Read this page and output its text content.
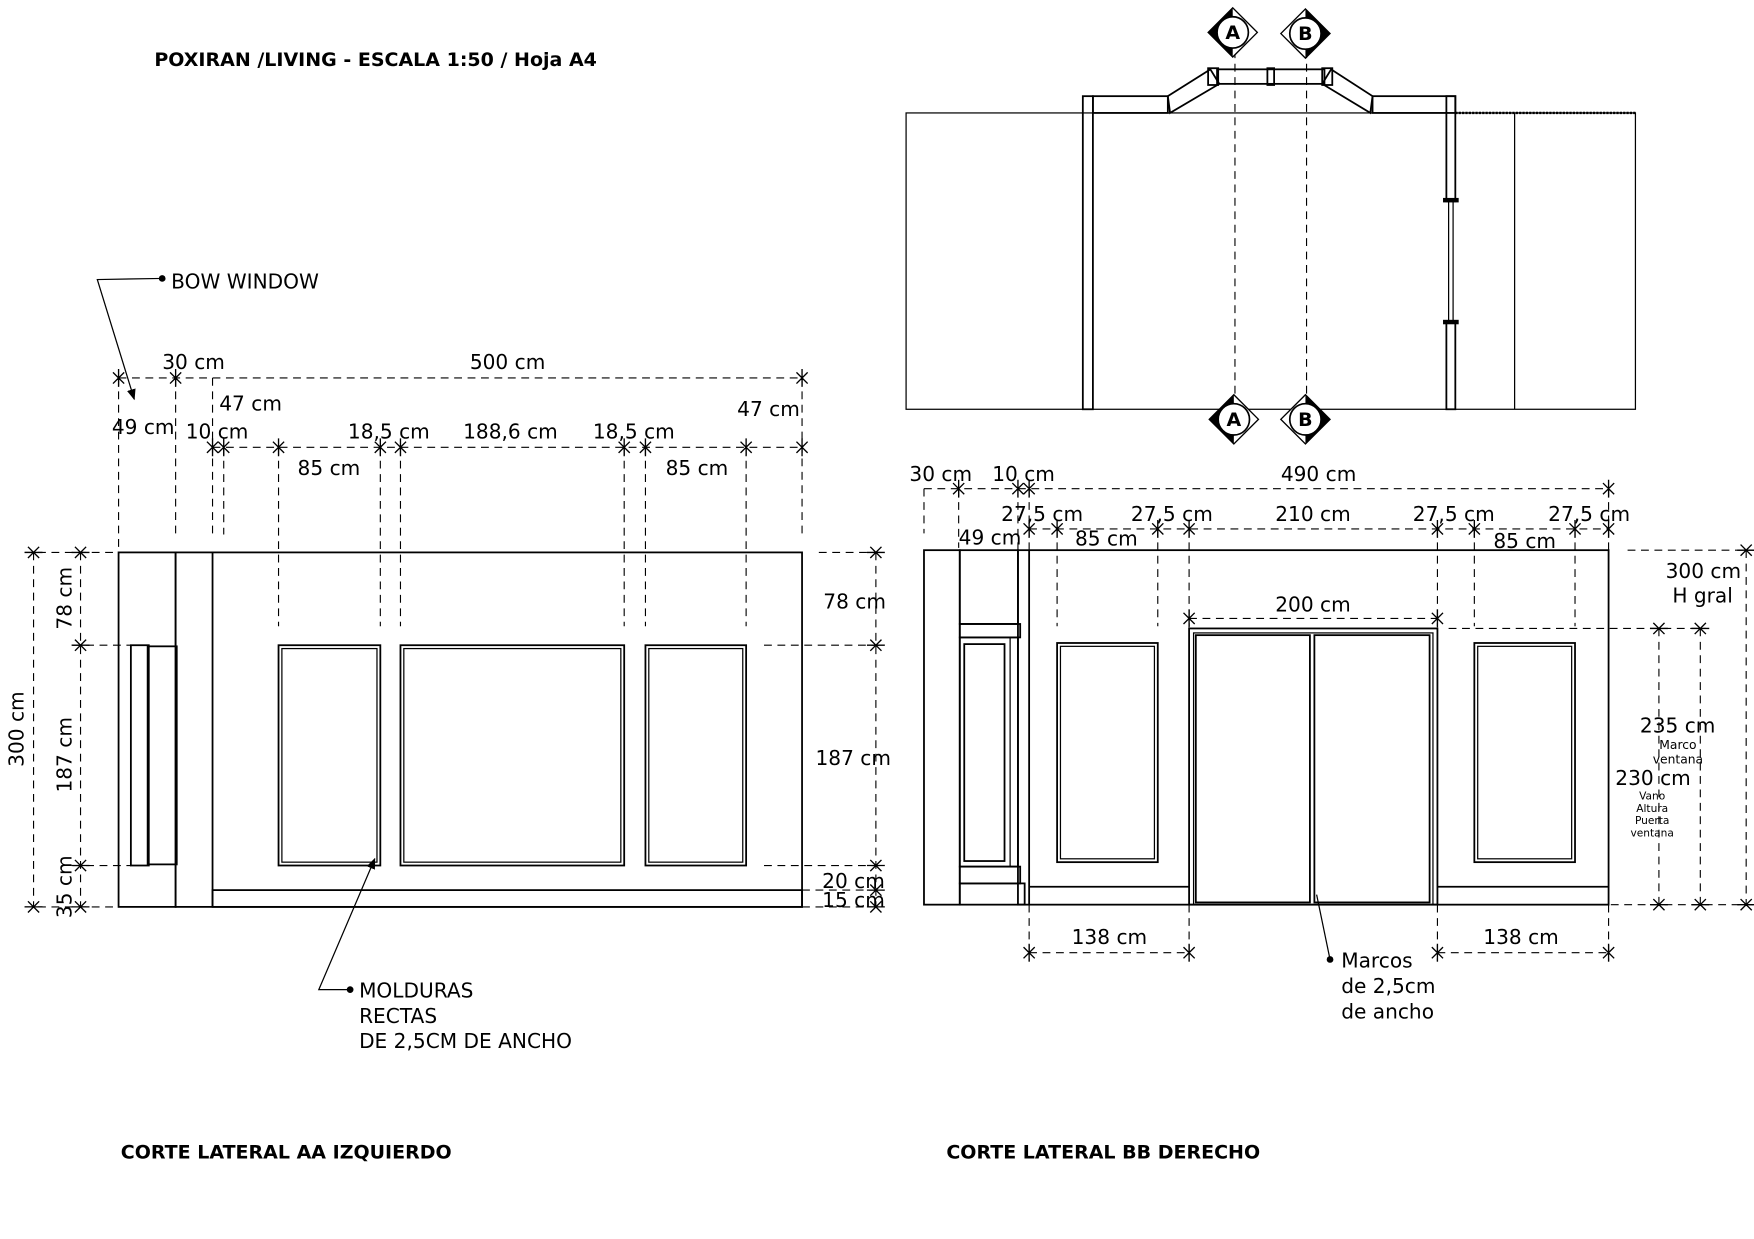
POXIRAN /LIVING - ESCALA 1:50 / Hoja A4
BOW WINDOW
30 cm	500 cm
47 cm
49 cm 10 cm	18,5 cm 188,6 cm 18,5 cm
47 cm
85 cm	85 cm
300 cm
78 cm
187 cm
35 cm
78 cm
187 cm
20 cm
15 cm
MOLDURAS
RECTAS
DE 2,5CM DE ANCHO
CORTE LATERAL AA IZQUIERDO
A	B
A	B
30 cm 10 cm	490 cm
27,5 cm	27,5 cm	210 cm	27,5 cm	27,5 cm
49 cm	85 cm	85 cm
200 cm
300 cm
H gral
235 cm
Marco
ventana
230 cm
Vano
Altura
Puerta
ventana
138 cm	138 cm
Marcos
de 2,5cm
de ancho
CORTE LATERAL BB DERECHO
